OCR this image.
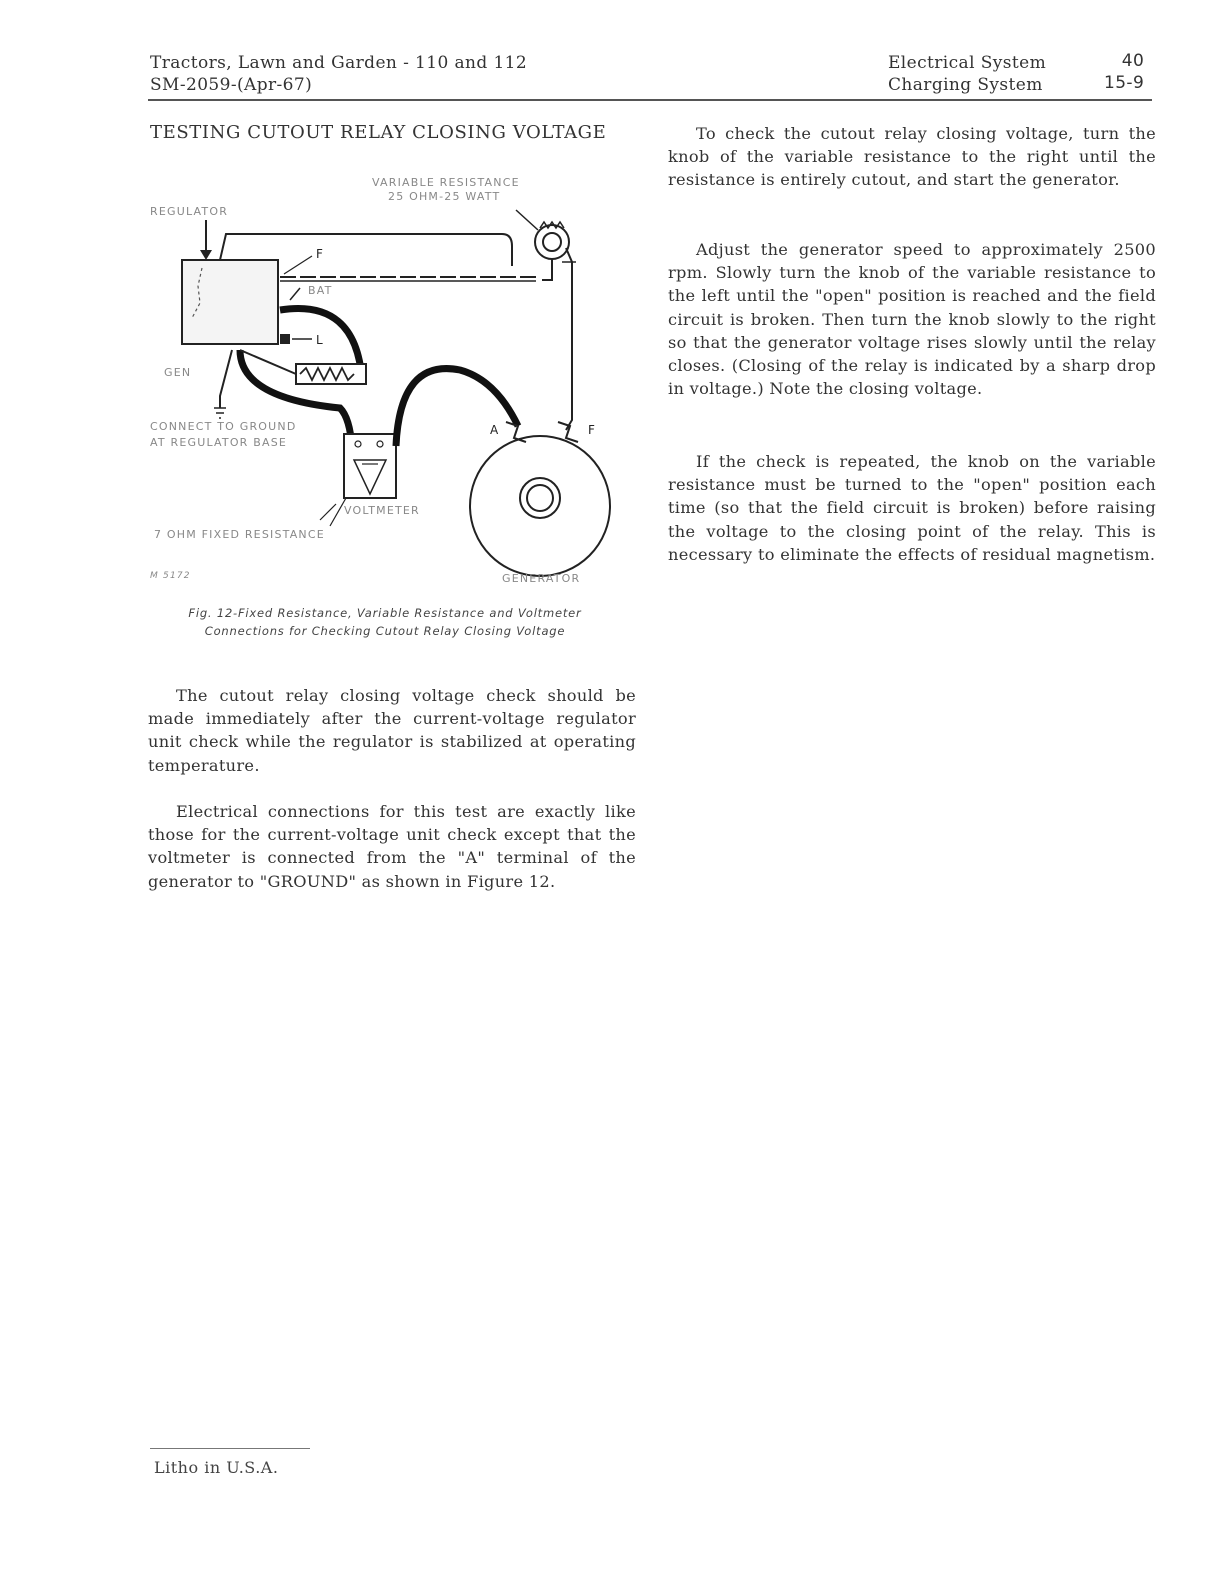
Tractors, Lawn and Garden - 110 and 112
SM-2059-(Apr-67)
Electrical System
Charging System
40
15-9
TESTING CUTOUT RELAY CLOSING VOLTAGE
REGULATOR
VARIABLE RESISTANCE
25 OHM-25 WATT
F
BAT
L
GEN
CONNECT TO GROUND
AT REGULATOR BASE
VOLTMETER
A	F
7 OHM FIXED RESISTANCE
M 5172	GENERATOR
Fig. 12-Fixed Resistance, Variable Resistance and Voltmeter Connections for Checking Cutout Relay Closing Voltage
The cutout relay closing voltage check should be made immediately after the current-voltage regulator unit check while the regulator is stabilized at operating temperature.
Electrical connections for this test are exactly like those for the current-voltage unit check except that the voltmeter is connected from the "A" terminal of the generator to "GROUND" as shown in Figure 12.
To check the cutout relay closing voltage, turn the knob of the variable resistance to the right until the resistance is entirely cutout, and start the generator.
Adjust the generator speed to approximately 2500 rpm. Slowly turn the knob of the variable resistance to the left until the "open" position is reached and the field circuit is broken. Then turn the knob slowly to the right so that the generator voltage rises slowly until the relay closes. (Closing of the relay is indicated by a sharp drop in voltage.) Note the closing voltage.
If the check is repeated, the knob on the variable resistance must be turned to the "open" position each time (so that the field circuit is broken) before raising the voltage to the closing point of the relay. This is necessary to eliminate the effects of residual magnetism.
Litho in U.S.A.
